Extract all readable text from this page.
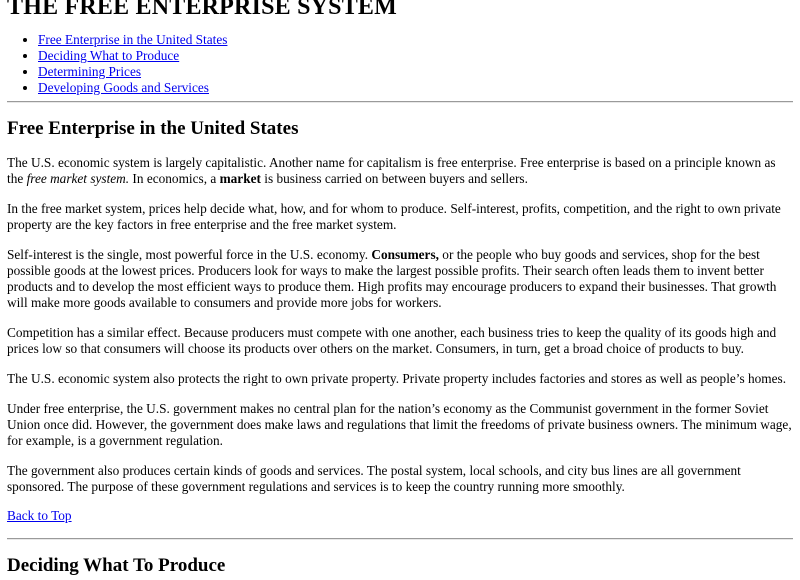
THE FREE ENTERPRISE SYSTEM
• Free Enterprise in the United States
• Deciding What to Produce
• Determining Prices
• Developing Goods and Services
Free Enterprise in the United States

The U.S. economic system is largely capitalistic. Another name for capitalism is free enterprise. Free enterprise is based on a principle known as the free market system. In economics, a market is business carried on between buyers and sellers.

In the free market system, prices help decide what, how, and for whom to produce. Self-interest, profits, competition, and the right to own private property are the key factors in free enterprise and the free market system.

Self-interest is the single, most powerful force in the U.S. economy. Consumers, or the people who buy goods and services, shop for the best possible goods at the lowest prices. Producers look for ways to make the largest possible profits. Their search often leads them to invent better products and to develop the most efficient ways to produce them. High profits may encourage producers to expand their businesses. That growth will make more goods available to consumers and provide more jobs for workers.

Competition has a similar effect. Because producers must compete with one another, each business tries to keep the quality of its goods high and prices low so that consumers will choose its products over others on the market. Consumers, in turn, get a broad choice of products to buy.

The U.S. economic system also protects the right to own private property. Private property includes factories and stores as well as people’s homes.

Under free enterprise, the U.S. government makes no central plan for the nation’s economy as the Communist government in the former Soviet Union once did. However, the government does make laws and regulations that limit the freedoms of private business owners. The minimum wage, for example, is a government regulation.

The government also produces certain kinds of goods and services. The postal system, local schools, and city bus lines are all government sponsored. The purpose of these government regulations and services is to keep the country running more smoothly.

Back to Top

Deciding What To Produce
